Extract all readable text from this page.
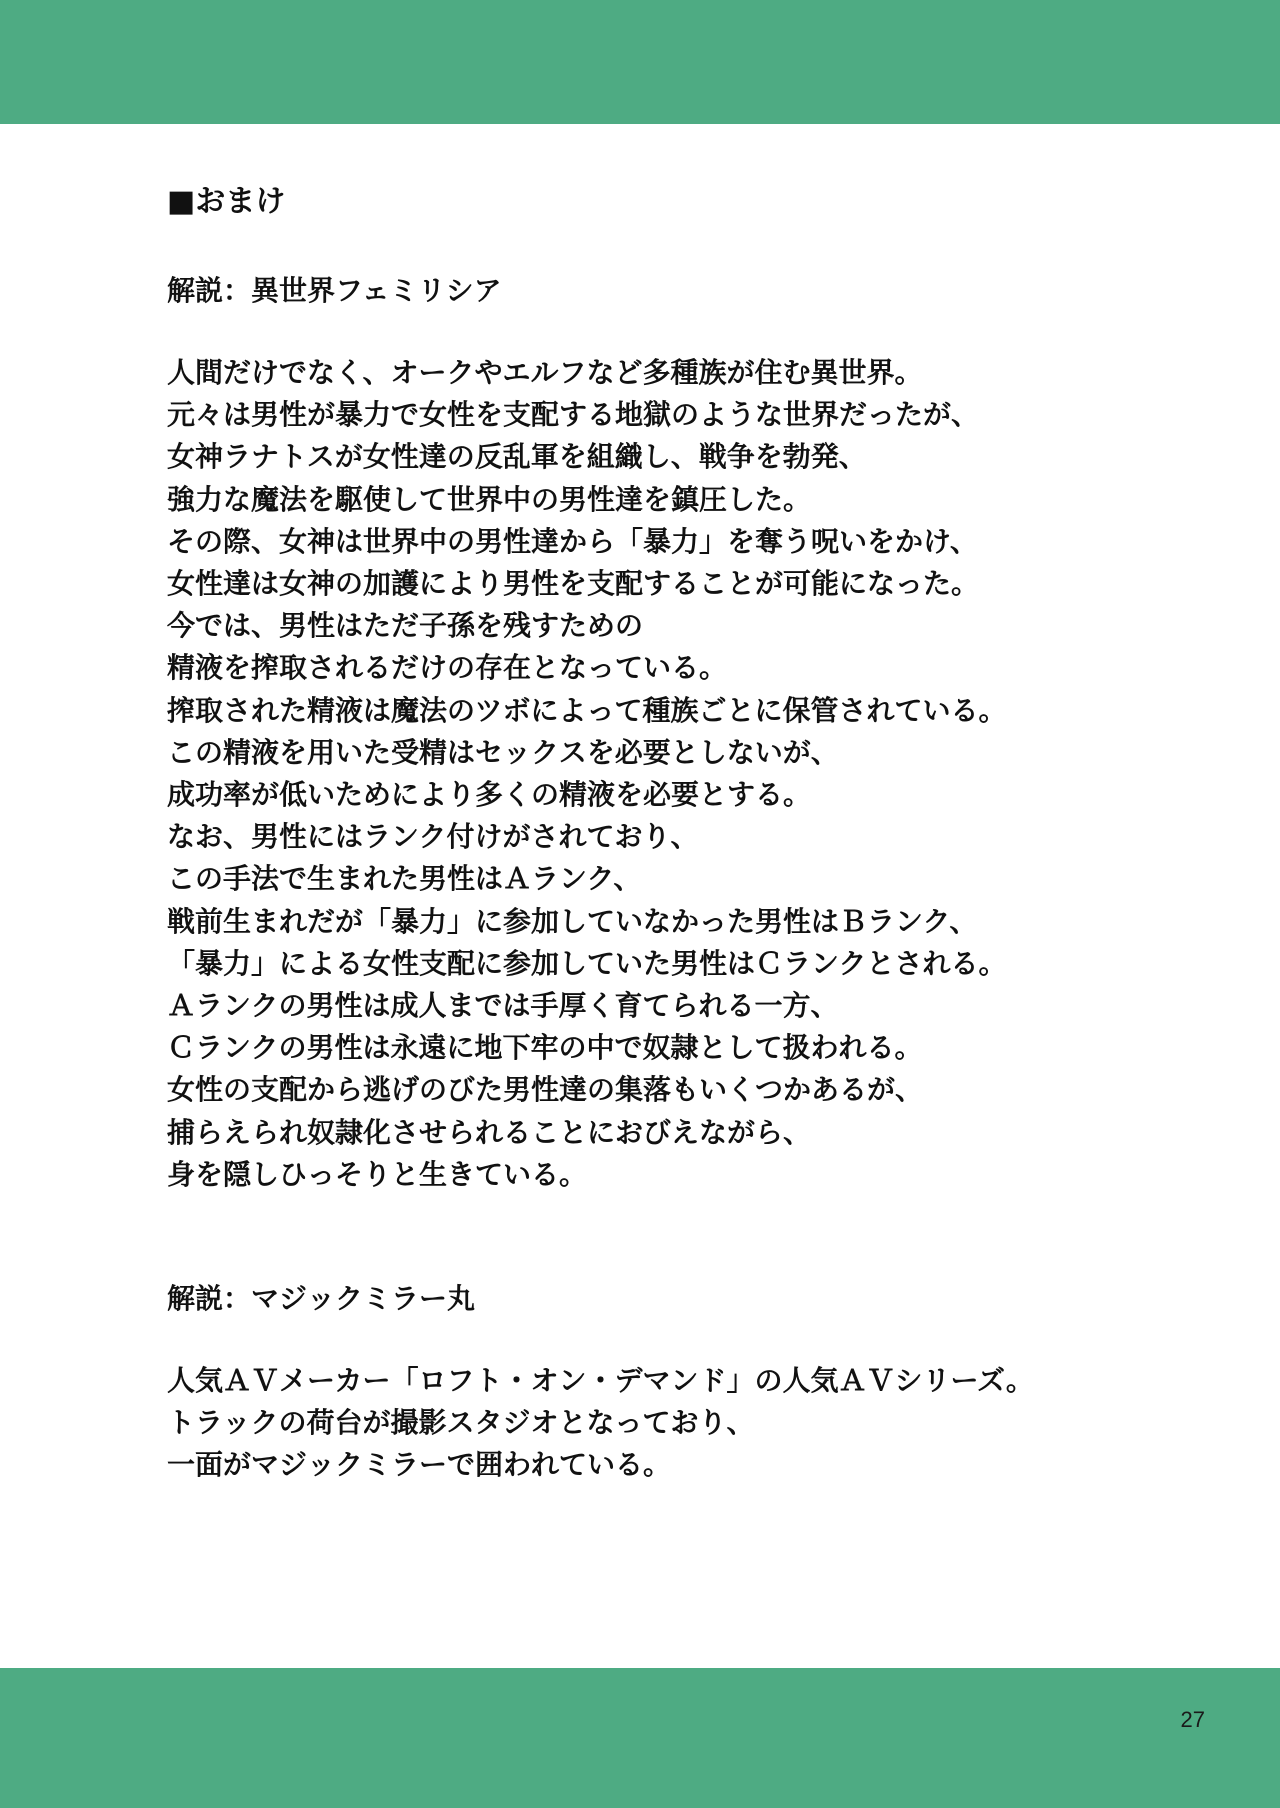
■おまけ

解説：異世界フェミリシア

人間だけでなく、オークやエルフなど多種族が住む異世界。
元々は男性が暴力で女性を支配する地獄のような世界だったが、
女神ラナトスが女性達の反乱軍を組織し、戦争を勃発、
強力な魔法を駆使して世界中の男性達を鎮圧した。
その際、女神は世界中の男性達から「暴力」を奪う呪いをかけ、
女性達は女神の加護により男性を支配することが可能になった。
今では、男性はただ子孫を残すための
精液を搾取されるだけの存在となっている。
搾取された精液は魔法のツボによって種族ごとに保管されている。
この精液を用いた受精はセックスを必要としないが、
成功率が低いためにより多くの精液を必要とする。
なお、男性にはランク付けがされており、
この手法で生まれた男性はＡランク、
戦前生まれだが「暴力」に参加していなかった男性はＢランク、
「暴力」による女性支配に参加していた男性はＣランクとされる。
Ａランクの男性は成人までは手厚く育てられる一方、
Ｃランクの男性は永遠に地下牢の中で奴隷として扱われる。
女性の支配から逃げのびた男性達の集落もいくつかあるが、
捕らえられ奴隷化させられることにおびえながら、
身を隠しひっそりと生きている。

解説：マジックミラー丸

人気ＡＶメーカー「ロフト・オン・デマンド」の人気ＡＶシリーズ。
トラックの荷台が撮影スタジオとなっており、
一面がマジックミラーで囲われている。
27
